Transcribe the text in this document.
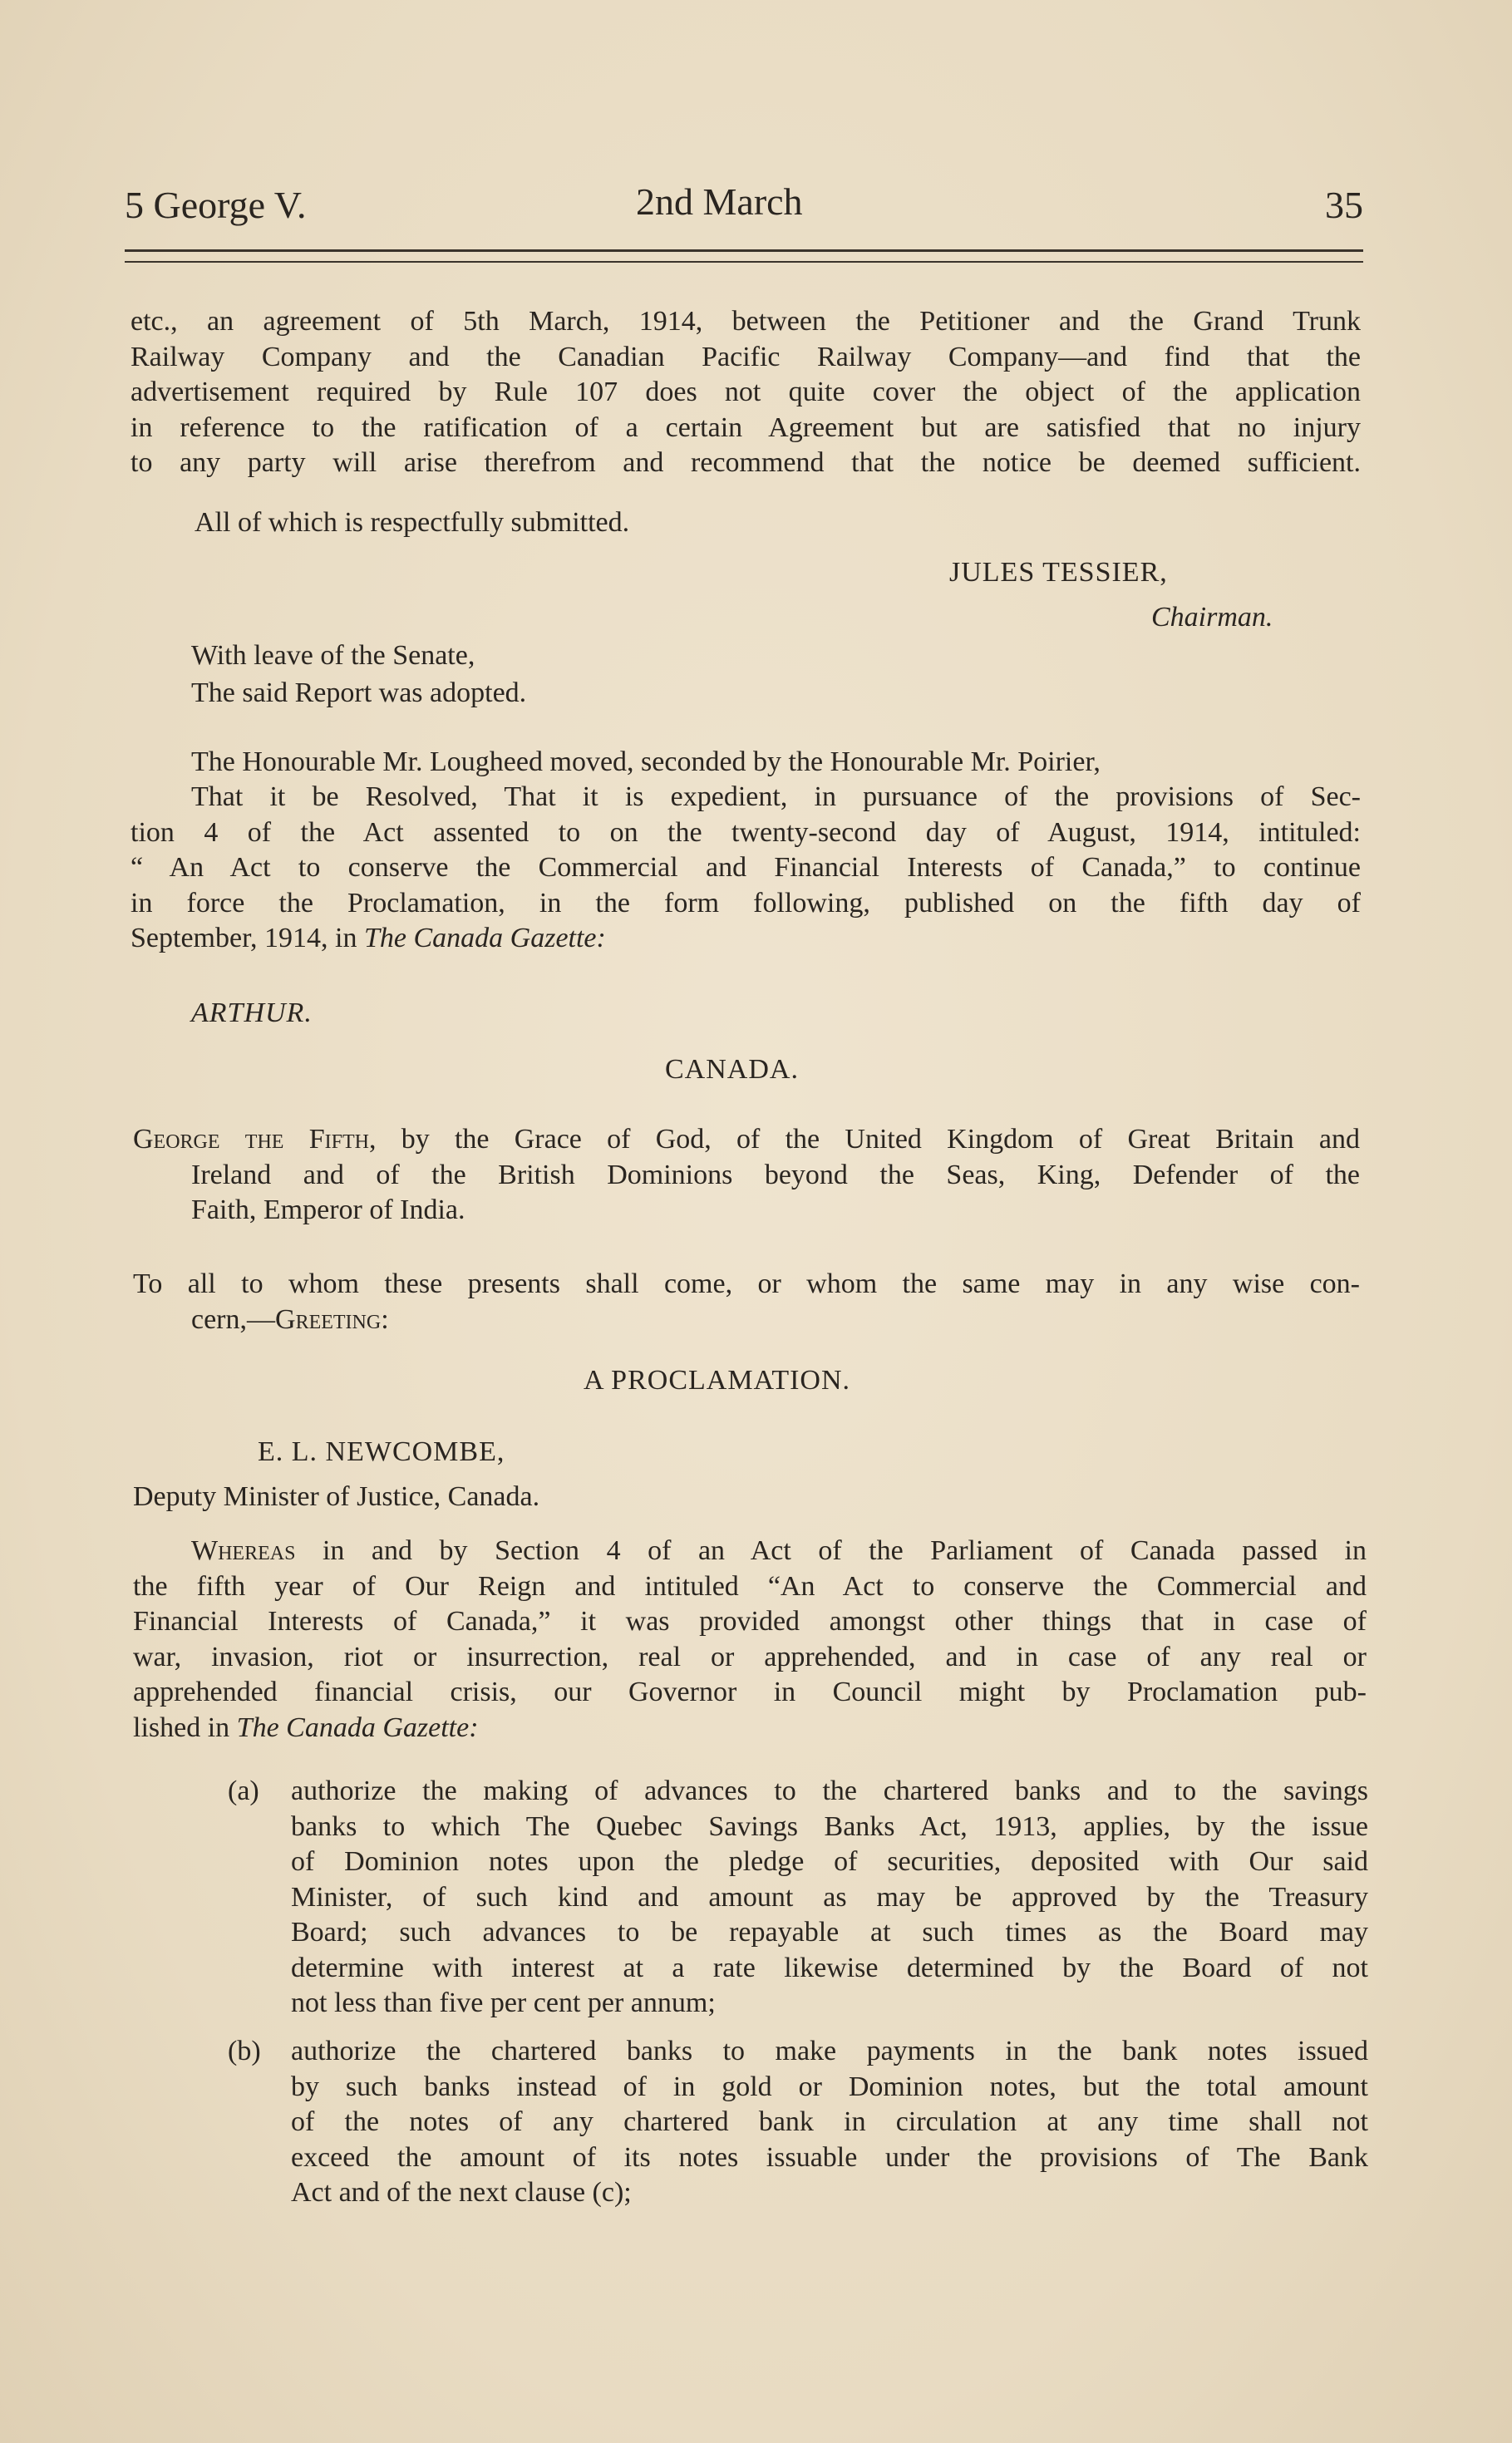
5 George V.	2nd March	35
etc., an agreement of 5th March, 1914, between the Petitioner and the Grand Trunk
Railway Company and the Canadian Pacific Railway Company—and find that the
advertisement required by Rule 107 does not quite cover the object of the application
in reference to the ratification of a certain Agreement but are satisfied that no injury
to any party will arise therefrom and recommend that the notice be deemed sufficient.
All of which is respectfully submitted.
JULES TESSIER,
Chairman.
With leave of the Senate,
The said Report was adopted.
The Honourable Mr. Lougheed moved, seconded by the Honourable Mr. Poirier,
That it be Resolved, That it is expedient, in pursuance of the provisions of Sec-
tion 4 of the Act assented to on the twenty-second day of August, 1914, intituled:
“ An Act to conserve the Commercial and Financial Interests of Canada,” to continue
in force the Proclamation, in the form following, published on the fifth day of
September, 1914, in The Canada Gazette:
ARTHUR.
CANADA.
George the Fifth, by the Grace of God, of the United Kingdom of Great Britain and
Ireland and of the British Dominions beyond the Seas, King, Defender of the
Faith, Emperor of India.
To all to whom these presents shall come, or whom the same may in any wise con-
cern,—Greeting:
A PROCLAMATION.
E. L. NEWCOMBE,
Deputy Minister of Justice, Canada.
Whereas in and by Section 4 of an Act of the Parliament of Canada passed in
the fifth year of Our Reign and intituled “An Act to conserve the Commercial and
Financial Interests of Canada,” it was provided amongst other things that in case of
war, invasion, riot or insurrection, real or apprehended, and in case of any real or
apprehended financial crisis, our Governor in Council might by Proclamation pub-
lished in The Canada Gazette:
(a) authorize the making of advances to the chartered banks and to the savings
banks to which The Quebec Savings Banks Act, 1913, applies, by the issue
of Dominion notes upon the pledge of securities, deposited with Our said
Minister, of such kind and amount as may be approved by the Treasury
Board; such advances to be repayable at such times as the Board may
determine with interest at a rate likewise determined by the Board of not
not less than five per cent per annum;
(b) authorize the chartered banks to make payments in the bank notes issued
by such banks instead of in gold or Dominion notes, but the total amount
of the notes of any chartered bank in circulation at any time shall not
exceed the amount of its notes issuable under the provisions of The Bank
Act and of the next clause (c);
